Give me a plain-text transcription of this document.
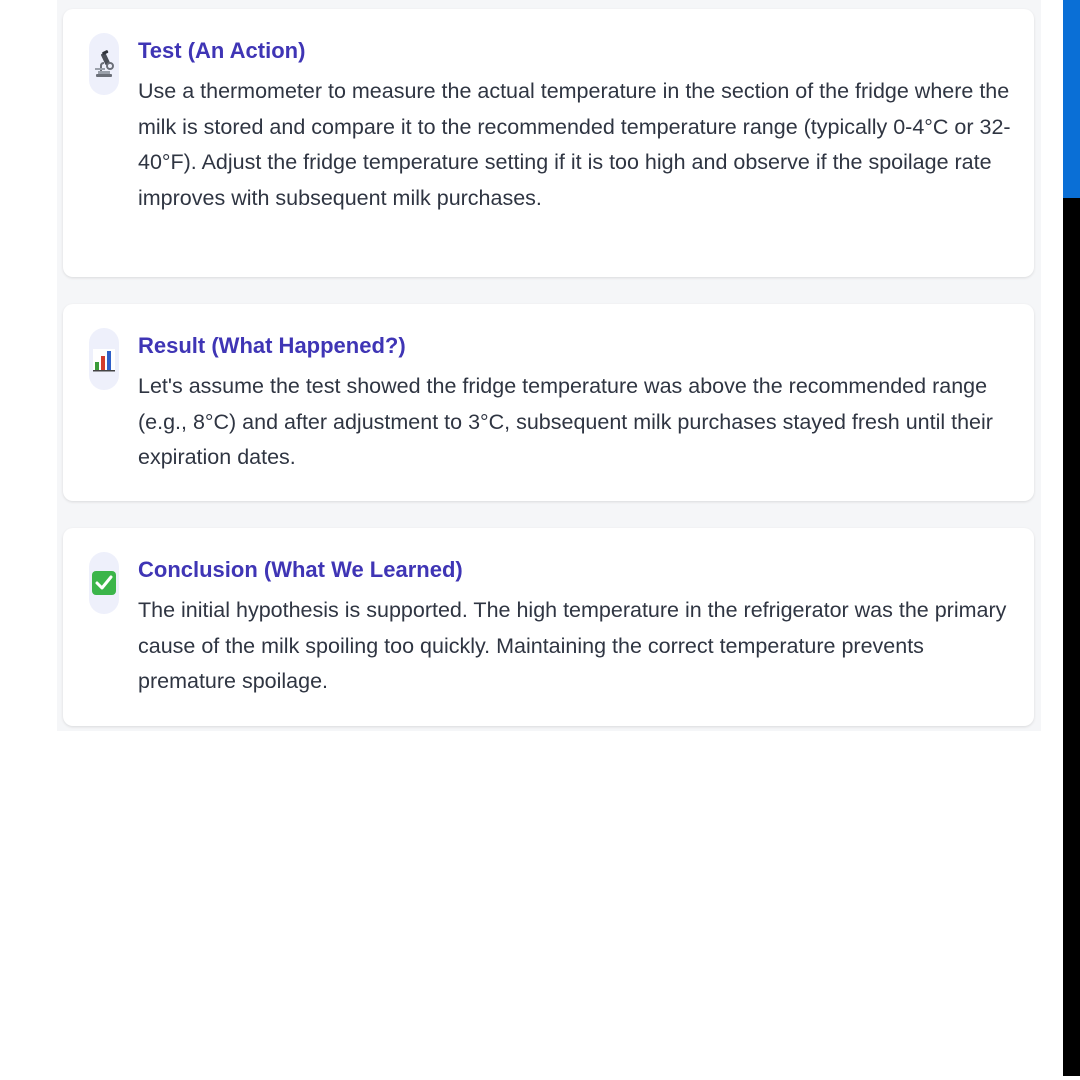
Test (An Action)

Use a thermometer to measure the actual temperature in the section of the fridge where the milk is stored and compare it to the recommended temperature range (typically 0-4°C or 32-40°F). Adjust the fridge temperature setting if it is too high and observe if the spoilage rate improves with subsequent milk purchases.

Result (What Happened?)

Let's assume the test showed the fridge temperature was above the recommended range (e.g., 8°C) and after adjustment to 3°C, subsequent milk purchases stayed fresh until their expiration dates.

Conclusion (What We Learned)

The initial hypothesis is supported. The high temperature in the refrigerator was the primary cause of the milk spoiling too quickly. Maintaining the correct temperature prevents premature spoilage.
